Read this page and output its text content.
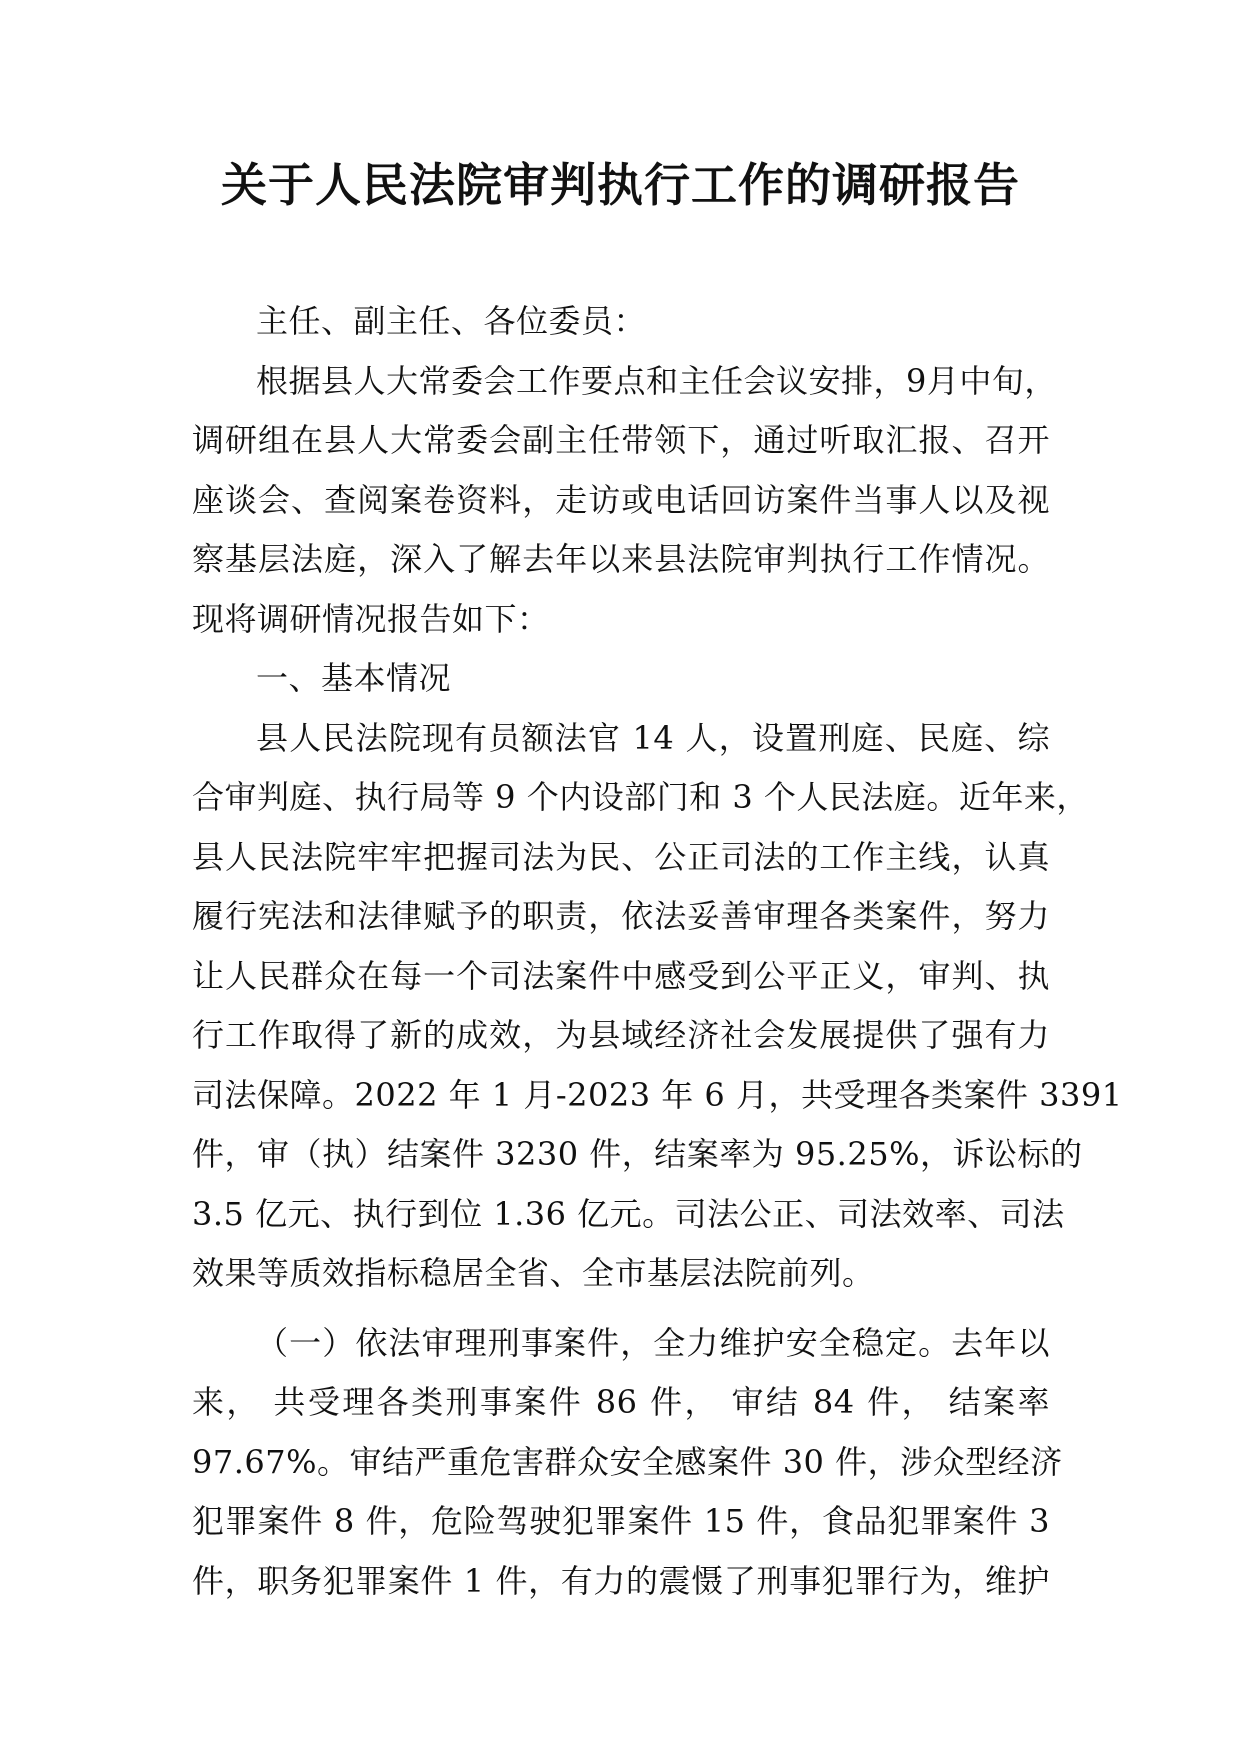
关于人民法院审判执行工作的调研报告
主任、副主任、各位委员：
根据县人大常委会工作要点和主任会议安排，9月中旬，
调研组在县人大常委会副主任带领下，通过听取汇报、召开
座谈会、查阅案卷资料，走访或电话回访案件当事人以及视
察基层法庭，深入了解去年以来县法院审判执行工作情况。
现将调研情况报告如下：
一、基本情况
县人民法院现有员额法官 14 人，设置刑庭、民庭、综
合审判庭、执行局等 9 个内设部门和 3 个人民法庭。近年来，
县人民法院牢牢把握司法为民、公正司法的工作主线，认真
履行宪法和法律赋予的职责，依法妥善审理各类案件，努力
让人民群众在每一个司法案件中感受到公平正义，审判、执
行工作取得了新的成效，为县域经济社会发展提供了强有力
司法保障。2022 年 1 月-2023 年 6 月，共受理各类案件 3391
件，审（执）结案件 3230 件，结案率为 95.25%，诉讼标的
3.5 亿元、执行到位 1.36 亿元。司法公正、司法效率、司法
效果等质效指标稳居全省、全市基层法院前列。
（一）依法审理刑事案件，全力维护安全稳定。去年以
来， 共受理各类刑事案件 86 件， 审结 84 件， 结案率
97.67%。审结严重危害群众安全感案件 30 件，涉众型经济
犯罪案件 8 件，危险驾驶犯罪案件 15 件，食品犯罪案件 3
件，职务犯罪案件 1 件，有力的震慑了刑事犯罪行为，维护
